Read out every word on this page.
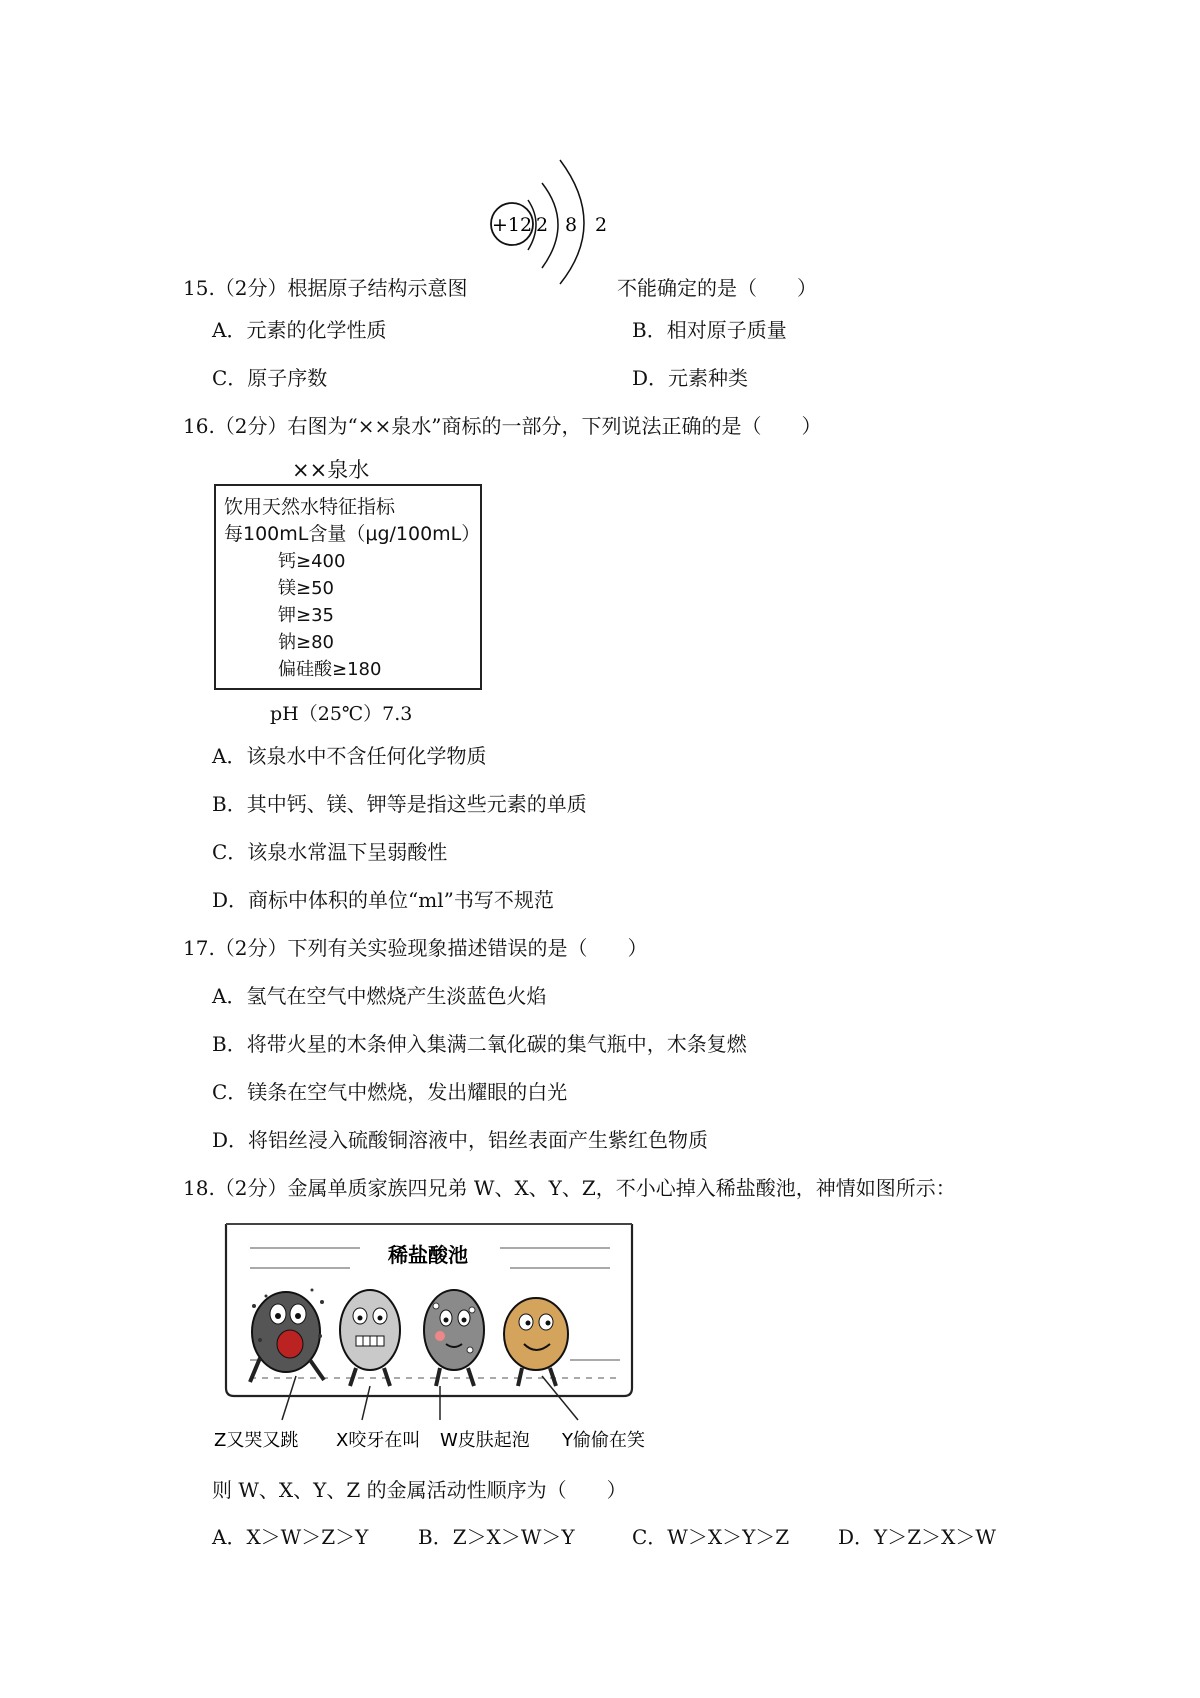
+12 2 8 2
15.（2分）根据原子结构示意图	不能确定的是（　　）
A．元素的化学性质	B．相对原子质量
C．原子序数	D．元素种类
16.（2分）右图为“××泉水”商标的一部分，下列说法正确的是（　　）
××泉水
饮用天然水特征指标
每100mL含量（μg/100mL）
钙≥400
镁≥50
钾≥35
钠≥80
偏硅酸≥180
pH（25℃）7.3
A．该泉水中不含任何化学物质
B．其中钙、镁、钾等是指这些元素的单质
C．该泉水常温下呈弱酸性
D．商标中体积的单位“ml”书写不规范
17.（2分）下列有关实验现象描述错误的是（　　）
A．氢气在空气中燃烧产生淡蓝色火焰
B．将带火星的木条伸入集满二氧化碳的集气瓶中，木条复燃
C．镁条在空气中燃烧，发出耀眼的白光
D．将铝丝浸入硫酸铜溶液中，铝丝表面产生紫红色物质
18.（2分）金属单质家族四兄弟 W、X、Y、Z，不小心掉入稀盐酸池，神情如图所示：
稀盐酸池
Z又哭又跳 X咬牙在叫 W皮肤起泡 Y偷偷在笑
则 W、X、Y、Z 的金属活动性顺序为（　　）
A．X＞W＞Z＞Y B．Z＞X＞W＞Y	C．W＞X＞Y＞Z D．Y＞Z＞X＞W
